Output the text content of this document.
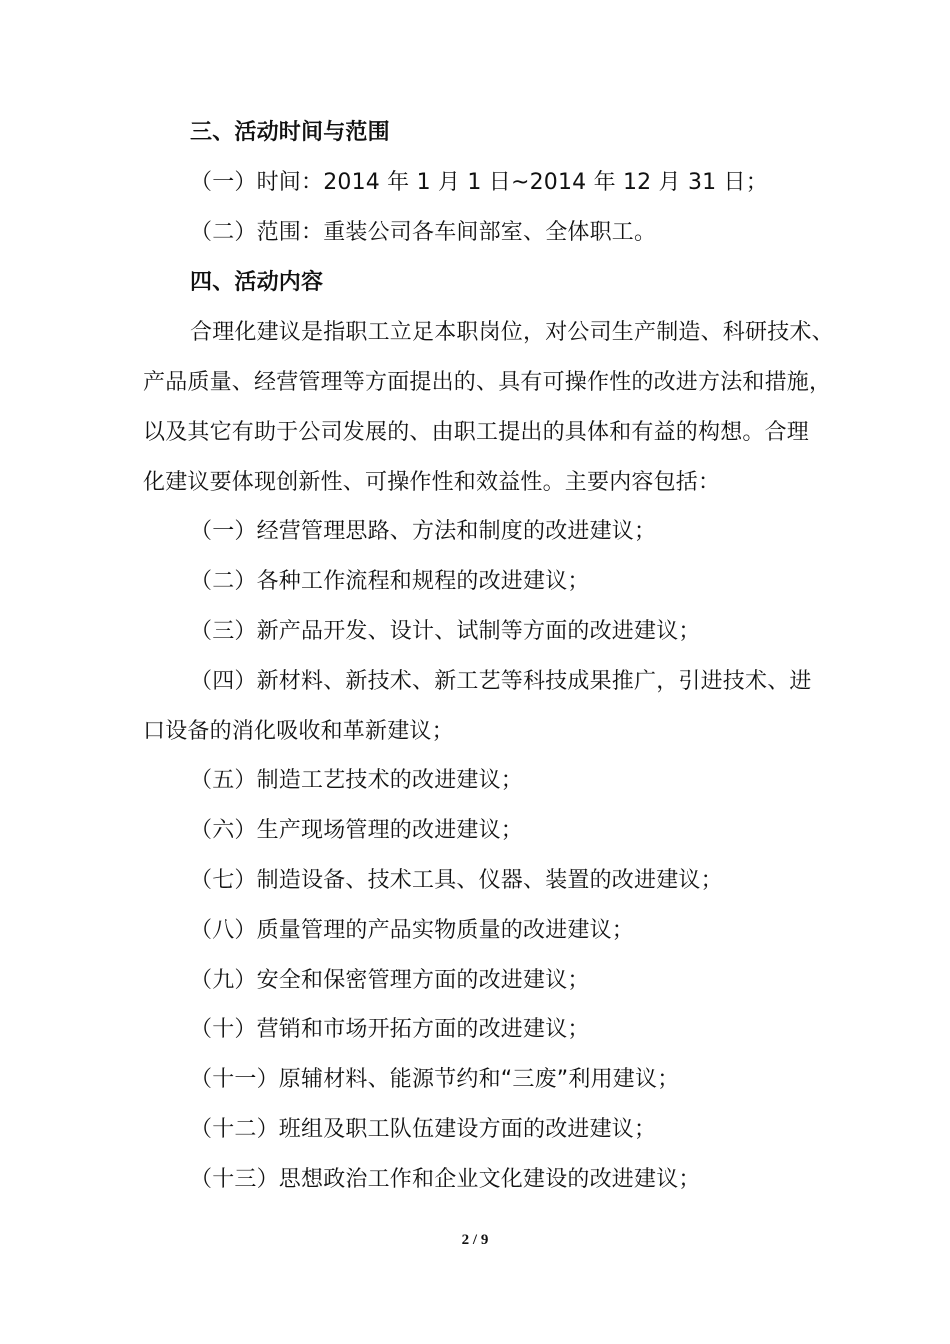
三、活动时间与范围
（一）时间：2014 年 1 月 1 日~2014 年 12 月 31 日；
（二）范围：重装公司各车间部室、全体职工。
四、活动内容
合理化建议是指职工立足本职岗位，对公司生产制造、科研技术、
产品质量、经营管理等方面提出的、具有可操作性的改进方法和措施，
以及其它有助于公司发展的、由职工提出的具体和有益的构想。合理
化建议要体现创新性、可操作性和效益性。主要内容包括：
（一）经营管理思路、方法和制度的改进建议；
（二）各种工作流程和规程的改进建议；
（三）新产品开发、设计、试制等方面的改进建议；
（四）新材料、新技术、新工艺等科技成果推广，引进技术、进
口设备的消化吸收和革新建议；
（五）制造工艺技术的改进建议；
（六）生产现场管理的改进建议；
（七）制造设备、技术工具、仪器、装置的改进建议；
（八）质量管理的产品实物质量的改进建议；
（九）安全和保密管理方面的改进建议；
（十）营销和市场开拓方面的改进建议；
（十一）原辅材料、能源节约和“三废”利用建议；
（十二）班组及职工队伍建设方面的改进建议；
（十三）思想政治工作和企业文化建设的改进建议；
2 / 9
